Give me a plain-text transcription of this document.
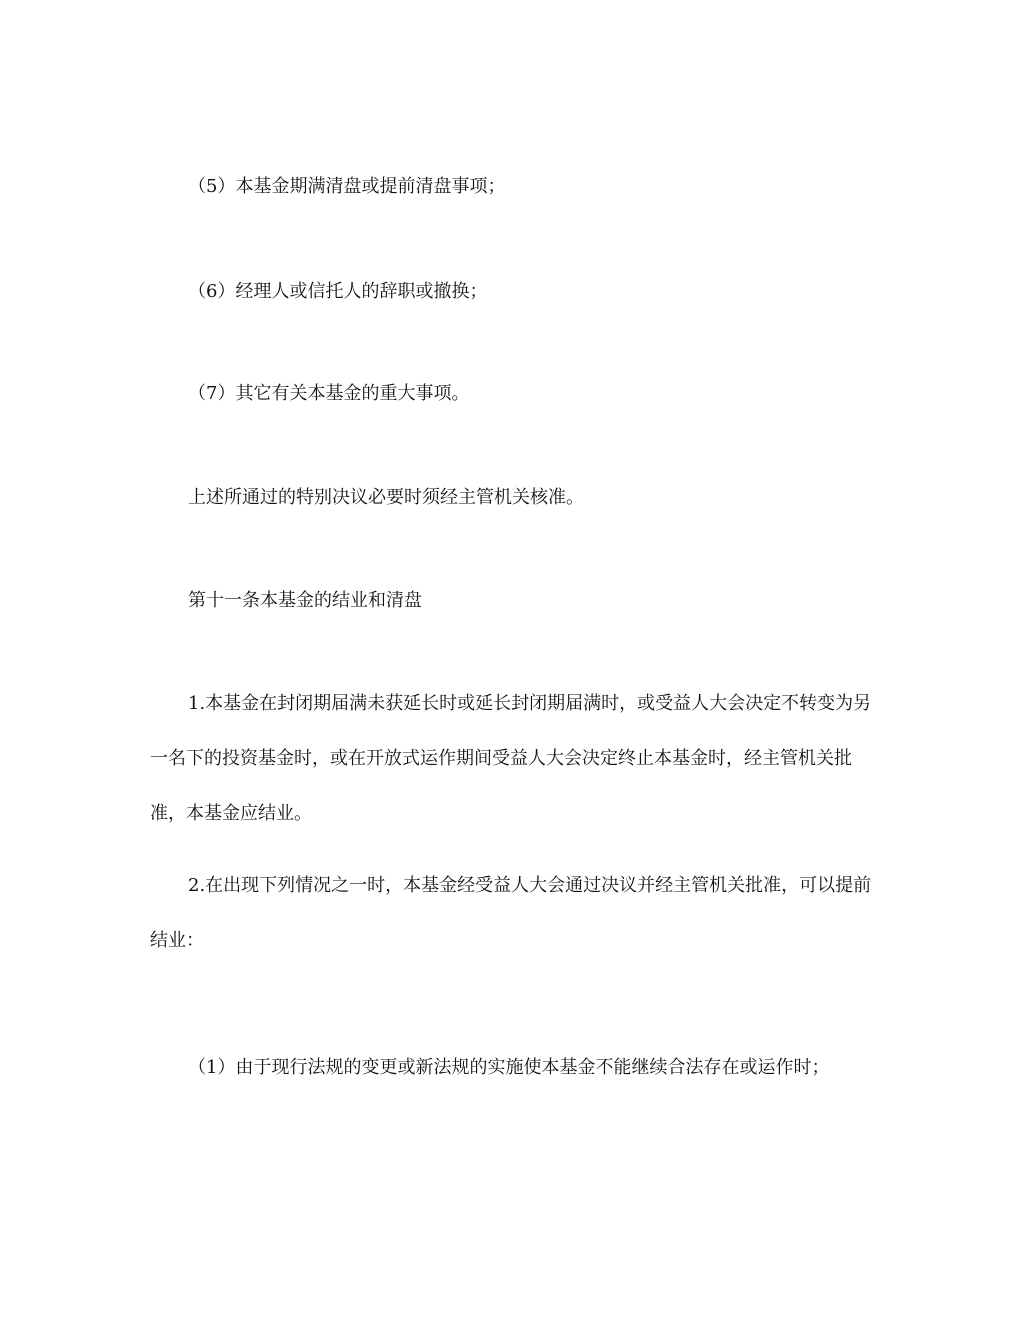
（5）本基金期满清盘或提前清盘事项；

（6）经理人或信托人的辞职或撤换；

（7）其它有关本基金的重大事项。

上述所通过的特别决议必要时须经主管机关核准。

第十一条本基金的结业和清盘

1.本基金在封闭期届满未获延长时或延长封闭期届满时，或受益人大会决定不转变为另一名下的投资基金时，或在开放式运作期间受益人大会决定终止本基金时，经主管机关批准，本基金应结业。

2.在出现下列情况之一时，本基金经受益人大会通过决议并经主管机关批准，可以提前结业：

（1）由于现行法规的变更或新法规的实施使本基金不能继续合法存在或运作时；
